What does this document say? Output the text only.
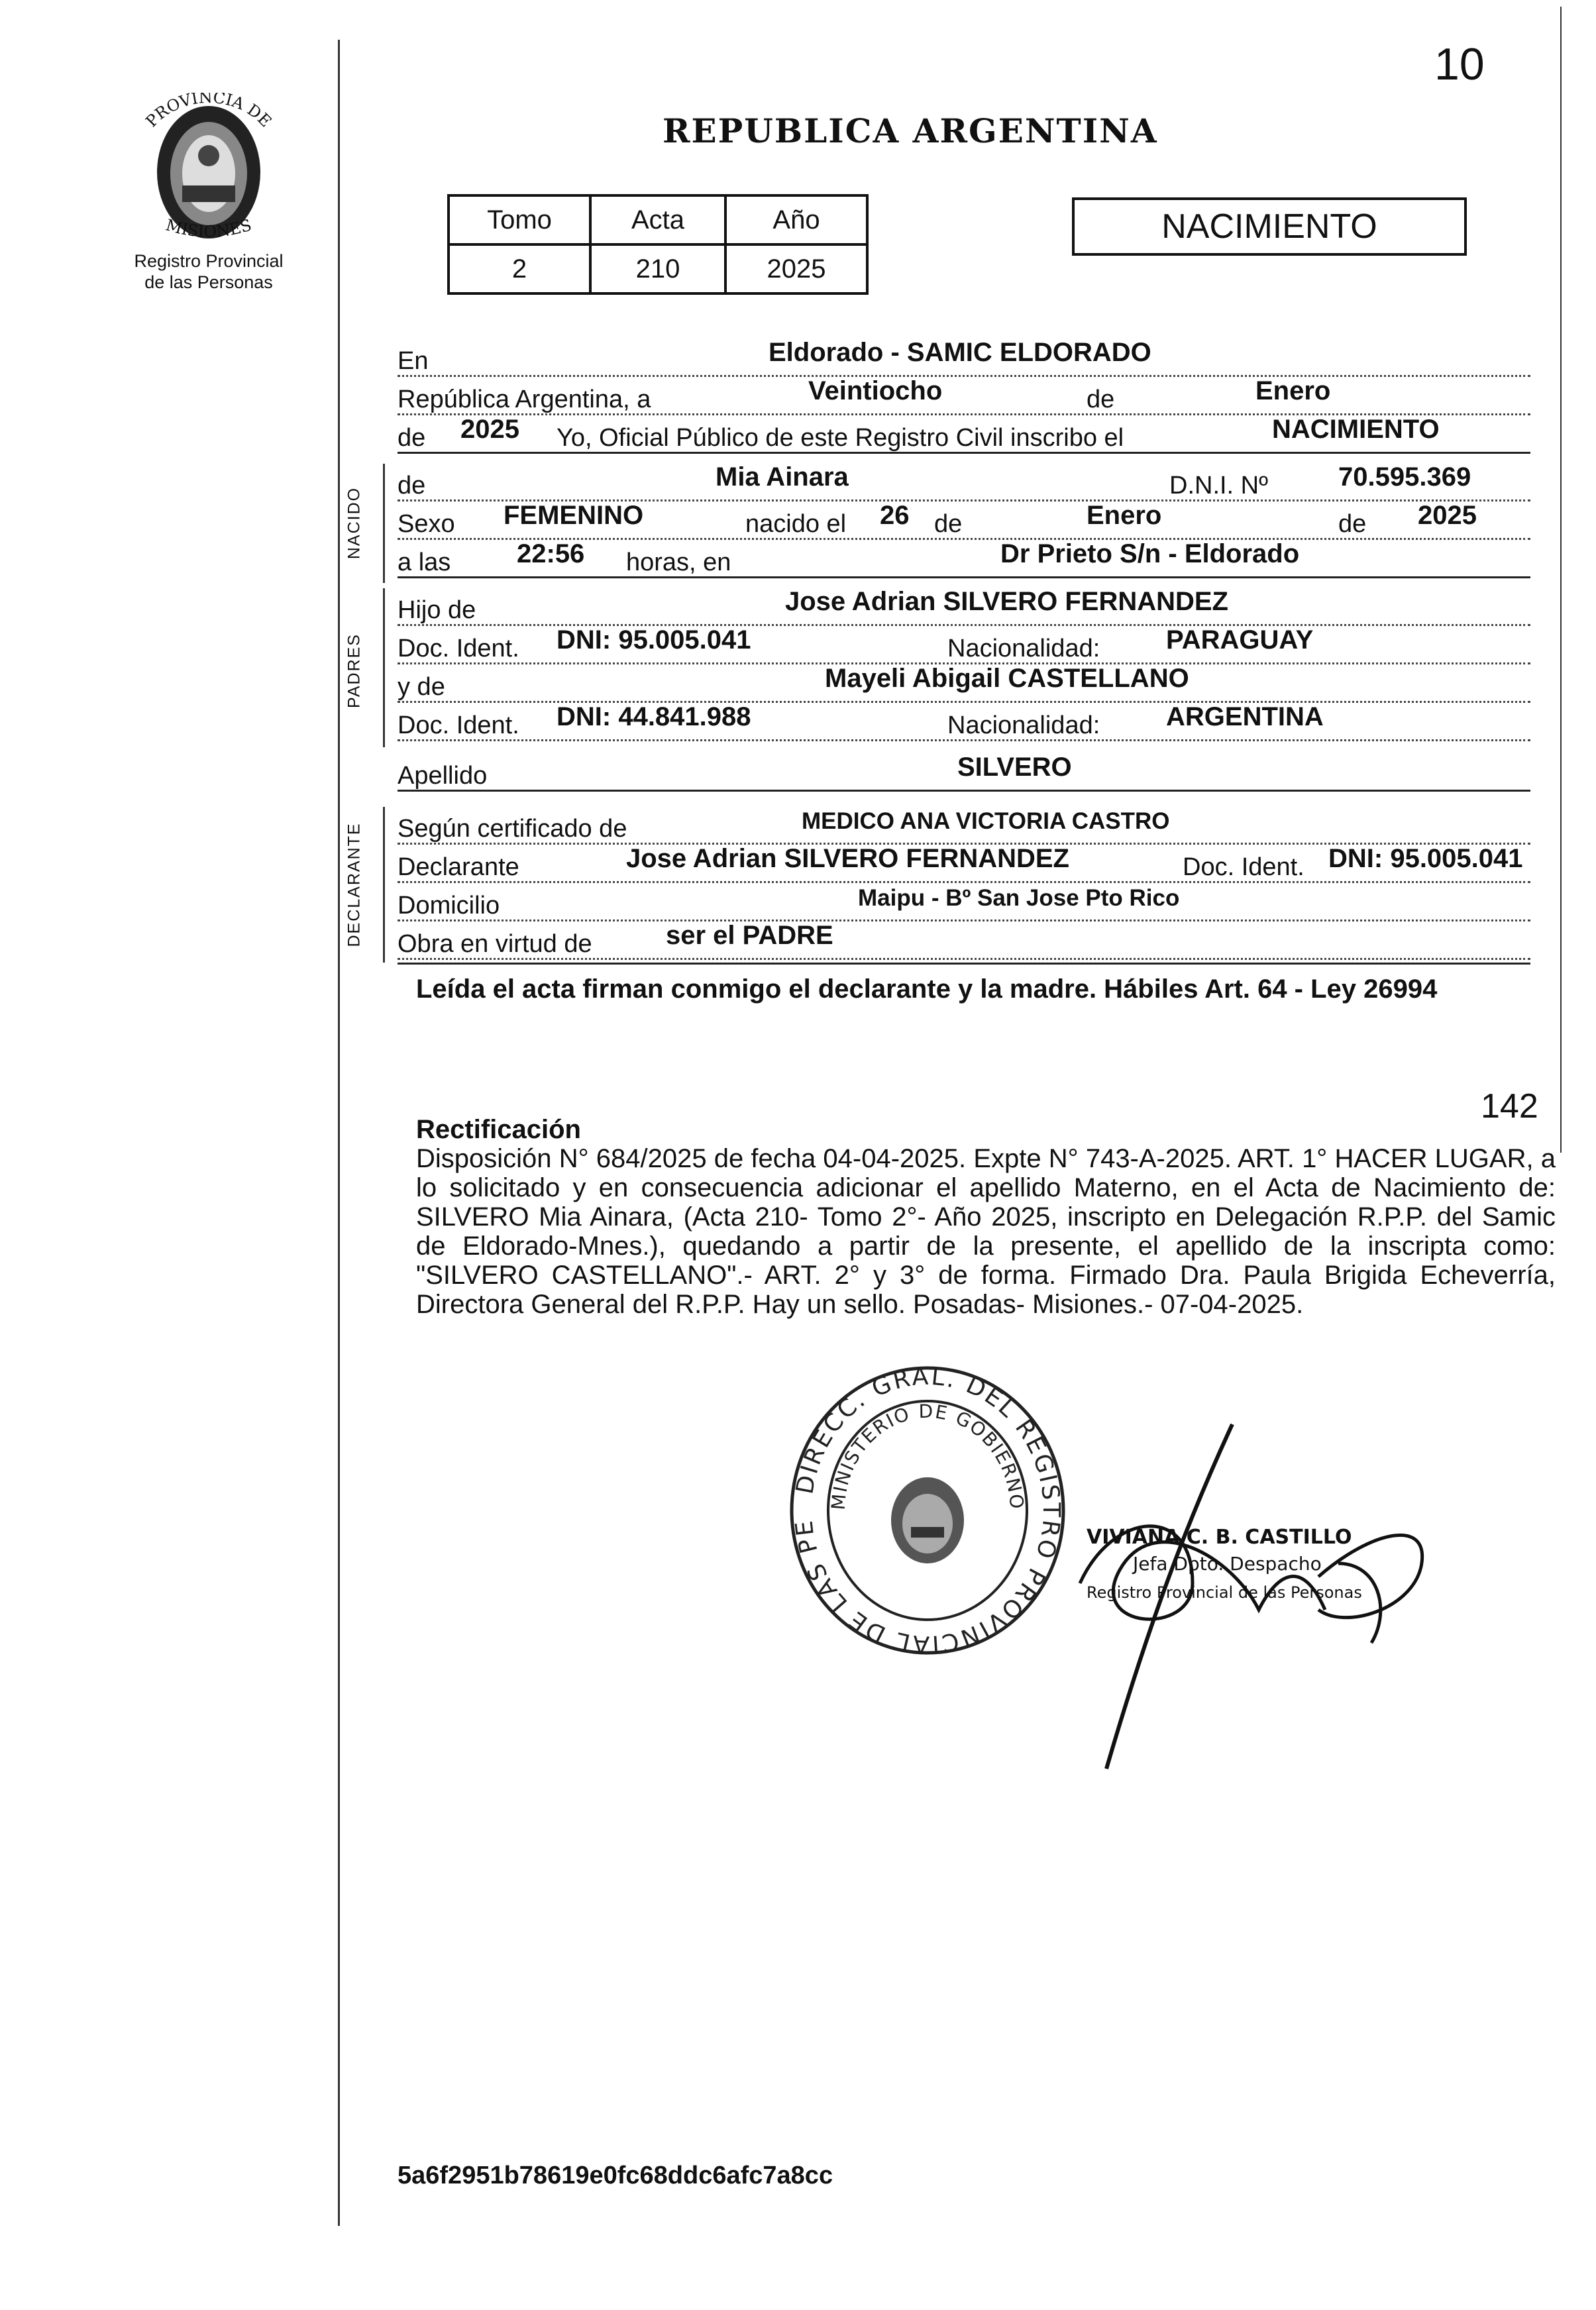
PROVINCIA DE
MISIONES
Registro Provincial
de las Personas
10
REPUBLICA ARGENTINA
Tomo	Acta	Año
2	210	2025
NACIMIENTO
En	Eldorado - SAMIC ELDORADO
República Argentina, a	Veintiocho	de	Enero
de 2025 Yo, Oficial Público de este Registro Civil inscribo el	NACIMIENTO
NACIDO
de	Mia Ainara	D.N.I. Nº	70.595.369
Sexo FEMENINO	nacido el 26 de	Enero	de 2025
a las 22:56 horas, en	Dr Prieto S/n - Eldorado
PADRES
Hijo de	Jose Adrian SILVERO FERNANDEZ
Doc. Ident. DNI: 95.005.041	Nacionalidad: PARAGUAY
y de	Mayeli Abigail CASTELLANO
Doc. Ident. DNI: 44.841.988	Nacionalidad: ARGENTINA
Apellido	SILVERO
DECLARANTE Según certificado de	MEDICO ANA VICTORIA CASTRO
Declarante	Jose Adrian SILVERO FERNANDEZ	Doc. Ident. DNI: 95.005.041
Domicilio	Maipu - Bº San Jose Pto Rico
Obra en virtud de	ser el PADRE
Leída el acta firman conmigo el declarante y la madre. Hábiles Art. 64 - Ley 26994
142
Rectificación
Disposición N° 684/2025 de fecha 04-04-2025. Expte N° 743-A-2025. ART. 1° HACER LUGAR, a lo solicitado y en consecuencia adicionar el apellido Materno, en el Acta de Nacimiento de: SILVERO Mia Ainara, (Acta 210- Tomo 2°- Año 2025, inscripto en Delegación R.P.P. del Samic de Eldorado-Mnes.), quedando a partir de la presente, el apellido de la inscripta como: "SILVERO CASTELLANO".- ART. 2° y 3° de forma. Firmado Dra. Paula Brigida Echeverría, Directora General del R.P.P. Hay un sello. Posadas- Misiones.- 07-04-2025.
DIRECC. GRAL. DEL REGISTRO PROVINCIAL DE LAS PE
MINISTERIO DE GOBIERNO
VIVIANA C. B. CASTILLO
Jefa Dpto. Despacho
Registro Provincial de las Personas
5a6f2951b78619e0fc68ddc6afc7a8cc
